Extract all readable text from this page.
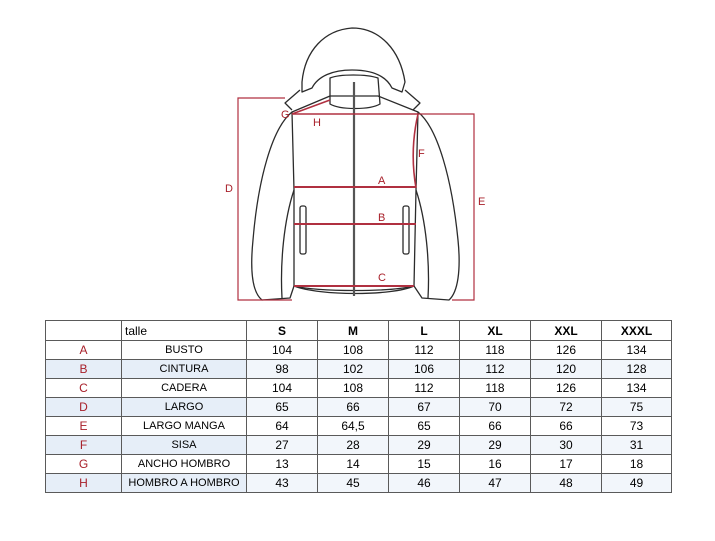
D
E
G
H
F
A
B
C
	talle	S	M	L	XL	XXL	XXXL
A	BUSTO	104	108	112	118	126	134
B	CINTURA	98	102	106	112	120	128
C	CADERA	104	108	112	118	126	134
D	LARGO	65	66	67	70	72	75
E	LARGO MANGA	64	64,5	65	66	66	73
F	SISA	27	28	29	29	30	31
G	ANCHO HOMBRO	13	14	15	16	17	18
H	HOMBRO A HOMBRO	43	45	46	47	48	49
